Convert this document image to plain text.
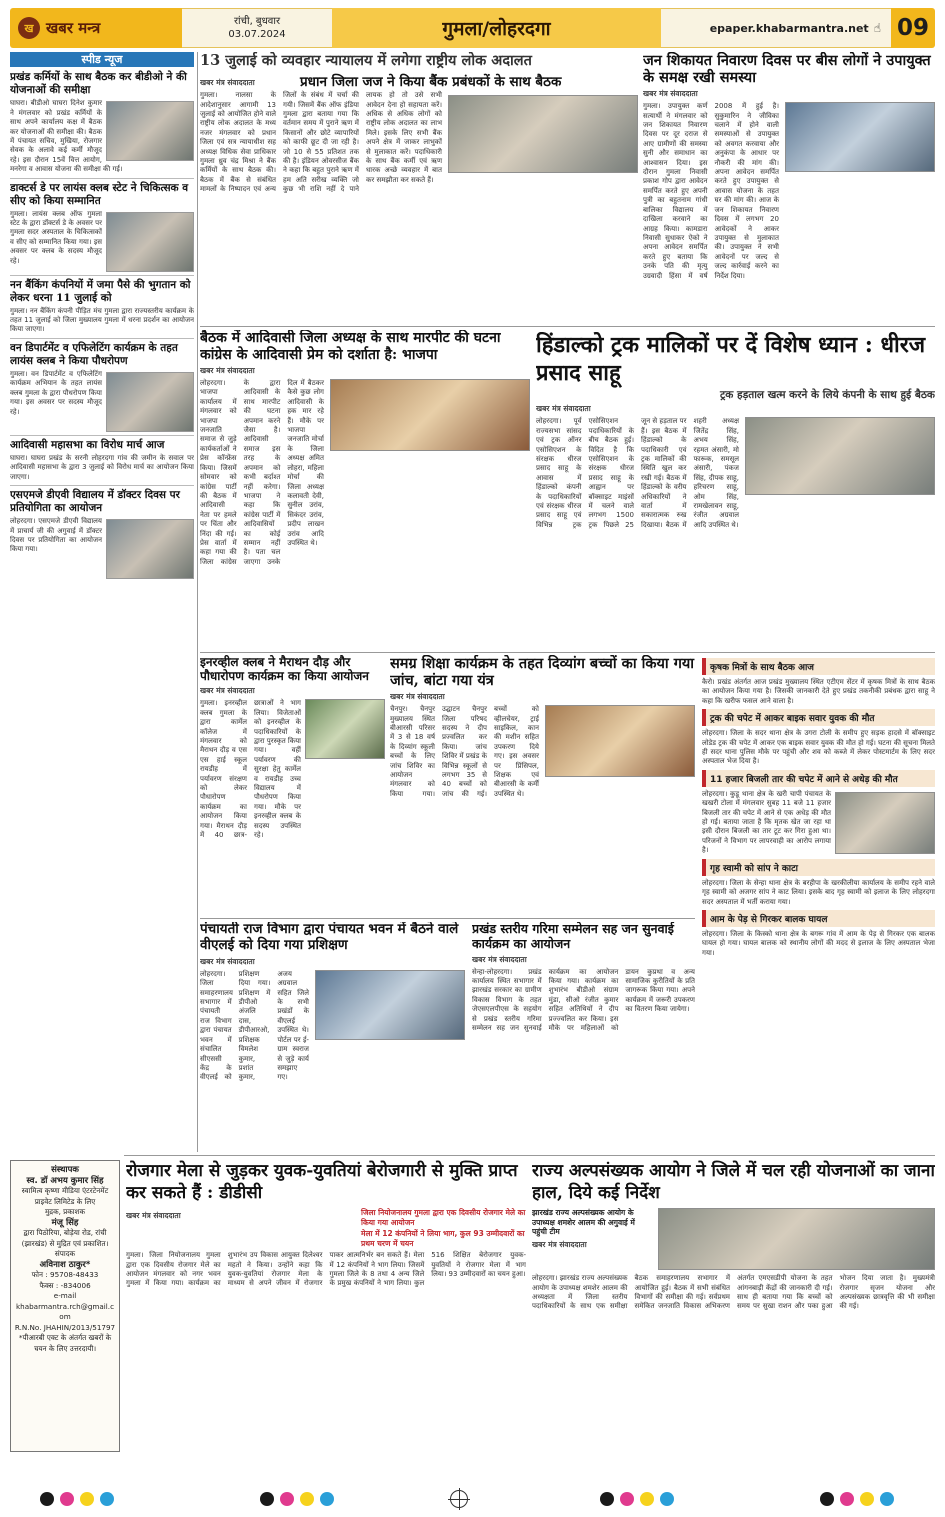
ख खबर मन्त्र	रांची, बुधवार
03.07.2024	गुमला/लोहरदगा	epaper.khabarmantra.net ☝ 09
स्पीड न्यूज
प्रखंड कर्मियों के साथ बैठक कर बीडीओ ने की योजनाओं की समीक्षा
घाघरा। बीडीओ घाघरा दिनेश कुमार ने मंगलवार को प्रखंड कर्मियों के साथ अपने कार्यालय कक्ष में बैठक कर योजनाओं की समीक्षा की। बैठक में पंचायत सचिव, मुखिया, रोजगार सेवक के अलावे कई कर्मी मौजूद रहे। इस दौरान 15वें वित्त आयोग, मनरेगा व आवास योजना की समीक्षा की गई।
डाक्टर्स डे पर लायंस क्लब स्टेट ने चिकित्सक व सीए को किया सम्मानित
गुमला। लायंस क्लब ऑफ गुमला स्टेट के द्वारा डॉक्टर्स डे के अवसर पर गुमला सदर अस्पताल के चिकित्सकों व सीए को सम्मानित किया गया। इस अवसर पर क्लब के सदस्य मौजूद रहे।
नन बैंकिंग कंपनियों में जमा पैसे की भुगतान को लेकर धरना 11 जुलाई को
गुमला। नन बैंकिंग कंपनी पीड़ित मंच गुमला द्वारा राज्यस्तरीय कार्यक्रम के तहत 11 जुलाई को जिला मुख्यालय गुमला में धरना प्रदर्शन का आयोजन किया जाएगा।
वन डिपार्टमेंट व एफिलेटिंग कार्यक्रम के तहत लायंस क्लब ने किया पौधरोपण
गुमला। वन डिपार्टमेंट व एफिलेटिंग कार्यक्रम अभियान के तहत लायंस क्लब गुमला के द्वारा पौधरोपण किया गया। इस अवसर पर सदस्य मौजूद रहे।
आदिवासी महासभा का विरोध मार्च आज
घाघरा। घाघरा प्रखंड के सरनी लोहरदगा गांव की जमीन के सवाल पर आदिवासी महासभा के द्वारा 3 जुलाई को विरोध मार्च का आयोजन किया जाएगा।
एसएमजे डीएवी विद्यालय में डॉक्टर दिवस पर प्रतियोगिता का आयोजन
लोहरदगा। एसएमजे डीएवी विद्यालय में प्राचार्य जी की अगुवाई में डॉक्टर दिवस पर प्रतियोगिता का आयोजन किया गया।
संस्थापक
स्व. डॉ अभय कुमार सिंह
स्वामित्व कृष्णा मीडिया एंटरटेनमेंट प्राइवेट लिमिटेड के लिए
मुद्रक, प्रकाशक
मंजू सिंह
द्वारा पिठोरिया, बोड़ेया रोड, रांची (झारखंड) से मुद्रित एवं प्रकाशित।
संपादक
अविनाश ठाकुर*
फोन : 95708-48433
फैक्स : -834006
e-mail
khabarmantra.rch@gmail.com
R.N.No. JHAHIN/2013/51797
*पीआरबी एक्ट के अंतर्गत खबरों के चयन के लिए उत्तरदायी।
13 जुलाई को व्यवहार न्यायालय में लगेगा राष्ट्रीय लोक अदालत
खबर मंत्र संवाददाता	प्रधान जिला जज ने किया बैंक प्रबंधकों के साथ बैठक
गुमला। नालसा के आदेशानुसार आगामी 13 जुलाई को आयोजित होने वाले राष्ट्रीय लोक अदालत के मध्य नजर मंगलवार को प्रधान जिला एवं सत्र न्यायाधीश सह अध्यक्ष विधिक सेवा प्राधिकार गुमला ध्रुव चंद्र मिश्रा ने बैंक कर्मियों के साथ बैठक की। बैठक में बैंक से संबंधित मामलों के निष्पादन एवं अन्य जिलों के संबंध में चर्चा की गयी। जिसमें बैंक ऑफ इंडिया गुमला द्वारा बताया गया कि वर्तमान समय में पुराने ऋण में किसानों और छोटे व्यापारियों को काफी छूट दी जा रही है। जो 10 से 55 प्रतिशत तक की है। इंडियन ओवरसीज बैंक ने कहा कि बहुत पुराने ऋण में हम अति सरीख व्यक्ति जो कुछ भी राशि नहीं दे पाने लायक हो तो उसे सभी आवेदन देना हो सहायता करें। अधिक से अधिक लोगों को राष्ट्रीय लोक अदालत का लाभ मिले। इसके लिए सभी बैंक अपने क्षेत्र में जाकर लाभुकों से मुलाकात करें। पदाधिकारी के साथ बैंक कर्मी एवं ऋण धारक अच्छे व्यवहार में बात कर समझौता कर सकते हैं।
जन शिकायत निवारण दिवस पर बीस लोगों ने उपायुक्त के समक्ष रखी समस्या
खबर मंत्र संवाददाता
गुमला। उपायुक्त कर्ण सत्यार्थी ने मंगलवार को जन शिकायत निवारण दिवस पर दूर दराज से आए ग्रामीणों की समस्या सुनी और समाधान का आश्वासन दिया। इस दौरान गुमला निवासी प्रकाश गोप द्वारा आवेदन समर्पित करते हुए अपनी पुत्री का बहुतनाम गांधी बालिका विद्यालय में दाखिला करवाने का आग्रह किया। कामडारा निवासी सुधाकर ऐको ने अपना आवेदन समर्पित करते हुए बताया कि उनके पति की मृत्यु उग्रवादी हिंसा में वर्ष 2008 में हुई है। सुकुमारिन ने जीविका चलाने में होने वाली समस्याओं से उपायुक्त को अवगत करवाया और अनुकंपा के आधार पर नौकरी की मांग की। अपना आवेदन समर्पित करते हुए उपायुक्त से आवास योजना के तहत घर की मांग की। आज के जन शिकायत निवारण दिवस में लगभग 20 आवेदकों ने आकर उपायुक्त से मुलाकात की। उपायुक्त ने सभी आवेदनों पर जल्द से जल्द कार्रवाई करने का निर्देश दिया।
बैठक में आदिवासी जिला अध्यक्ष के साथ मारपीट की घटना कांग्रेस के आदिवासी प्रेम को दर्शाता है: भाजपा
खबर मंत्र संवाददाता
लोहरदगा। भाजपा कार्यालय में मंगलवार को भाजपा जनजाति समाज से जुड़े कार्यकर्ताओं ने प्रेस कॉन्फ्रेंस किया। जिसमें सोमवार को कांग्रेस पार्टी की बैठक में आदिवासी नेता पर हमले पर चिंता और निंदा की गई। प्रेस वार्ता में कहा गया की जिला कांग्रेस के द्वारा आदिवासी के साथ मारपीट की घटना अपमान करने जैसा है। आदिवासी समाज इस तरह के अपमान को कभी बर्दाश्त नहीं करेगा। भाजपा ने कहा कि कांग्रेस पार्टी में आदिवासियों का कोई सम्मान नहीं है। पता चल जाएगा उनके दिल में बैठकर कैसे कुछ लोग आदिवासी के हक मार रहे हैं। मौके पर भाजपा जनजाति मोर्चा के जिला अध्यक्ष अमित लोहरा, महिला मोर्चा की जिला अध्यक्ष कलावती देवी, सुनील उरांव, सिकंदर उरांव, प्रदीप लाखन उरांव आदि उपस्थित थे।
हिंडाल्को ट्रक मालिकों पर दें विशेष ध्यान : धीरज प्रसाद साहू
ट्रक हड़ताल खत्म करने के लिये कंपनी के साथ हुई बैठक
खबर मंत्र संवाददाता
लोहरदगा। पूर्व राज्यसभा सांसद एवं ट्रक ऑनर एसोसिएशन के संरक्षक धीरज प्रसाद साहू के आवास में हिंडाल्को कंपनी के पदाधिकारियों एवं संरक्षक धीरज प्रसाद साहू एवं विभिन्न ट्रक एसोसिएशन पदाधिकारियों के बीच बैठक हुई। विदित है कि एसोसिएशन के संरक्षक धीरज प्रसाद साहू के आह्वान पर बॉक्साइट माइंसों में चलने वाले लगभग 1500 ट्रक पिछले 25 जून से हड़ताल पर हैं। इस बैठक में हिंडाल्को के पदाधिकारी एवं ट्रक मालिकों की स्थिति खुल कर रखी गई। बैठक में हिंडाल्को के वरीय अधिकारियों ने वार्ता में सकारात्मक रुख दिखाया। बैठक में शहरी अध्यक्ष जितेंद्र सिंह, अभय सिंह, रहमत अंसारी, मो फारूक, समसूल अंसारी, पंकज सिंह, दीपक साहू, हरिचरण साहू, ओम सिंह, रामखेलावन साहू, रंजीत अग्रवाल आदि उपस्थित थे।
इनरव्हील क्लब ने मैराथन दौड़ और पौधारोपण कार्यक्रम का किया आयोजन
खबर मंत्र संवाददाता
गुमला। इनरव्हील क्लब गुमला के द्वारा कार्मेल कॉलेज में मंगलवार को मैराथन दौड़ व एस एस हाई स्कूल रायडीह में पर्यावरण संरक्षण को लेकर पौधारोपण कार्यक्रम का आयोजन किया गया। मैराथन दौड़ में 40 छात्र-छात्राओं ने भाग लिया। विजेताओं को इनरव्हील के पदाधिकारियों के द्वारा पुरस्कृत किया गया। वहीं पर्यावरण की सुरक्षा हेतु कार्मेल व रायडीह उच्च विद्यालय में पौधरोपण किया गया। मौके पर इनरव्हील क्लब के सदस्य उपस्थित रहे।
समग्र शिक्षा कार्यक्रम के तहत दिव्यांग बच्चों का किया गया जांच, बांटा गया यंत्र
खबर मंत्र संवाददाता
चैनपुर। चैनपुर मुख्यालय स्थित बीआरसी परिसर में 3 से 18 वर्ष के दिव्यांग स्कूली बच्चों के लिए जांच शिविर का आयोजन मंगलवार को किया गया। उद्घाटन चैनपुर जिला परिषद सदस्य ने दीप प्रज्वलित कर किया। जांच शिविर में प्रखंड के विभिन्न स्कूलों से लगभग 35 से 40 बच्चों को जांच की गई। बच्चों को व्हीलचेयर, ट्राई साइकिल, कान की मशीन सहित उपकरण दिये गए। इस अवसर पर प्रिंसिपल, शिक्षक एवं बीआरसी के कर्मी उपस्थित थे।
कृषक मित्रों के साथ बैठक आज
कैरो। प्रखंड अंतर्गत आज प्रखंड मुख्यालय स्थित एटीएम सेंटर में कृषक मित्रों के साथ बैठक का आयोजन किया गया है। जिसकी जानकारी देते हुए प्रखंड तकनीकी प्रबंधक द्वारा साहू ने कहा कि खरीफ फसल आने वाला है।
ट्रक की चपेट में आकर बाइक सवार युवक की मौत
लोहरदगा। जिला के सदर थाना क्षेत्र के उगरा टोली के समीप हुए सड़क हादसे में बॉक्साइट लोडेड ट्रक की चपेट में आकर एक बाइक सवार युवक की मौत हो गई। घटना की सूचना मिलते ही सदर थाना पुलिस मौके पर पहुंची और शव को कब्जे में लेकर पोस्टमार्टम के लिए सदर अस्पताल भेज दिया है।
11 हजार बिजली तार की चपेट में आने से अधेड़ की मौत
लोहरदगा। कुडू थाना क्षेत्र के खरी चापी पंचायत के खखरी टोला में मंगलवार सुबह 11 बजे 11 हजार बिजली तार की चपेट में आने से एक अधेड़ की मौत हो गई। बताया जाता है कि मृतक खेत जा रहा था इसी दौरान बिजली का तार टूट कर गिरा हुआ था। परिजनों ने विभाग पर लापरवाही का आरोप लगाया है।
गृह स्वामी को सांप ने काटा
लोहरदगा। जिला के सेन्हा थाना क्षेत्र के बरहीपा के खरकीलीया कार्यालय के समीप रहने वाले गृह स्वामी को अजगर सांप ने काट लिया। इसके बाद गृह स्वामी को इलाज के लिए लोहरदगा सदर अस्पताल में भर्ती कराया गया।
आम के पेड़ से गिरकर बालक घायल
लोहरदगा। जिला के किस्को थाना क्षेत्र के बगरू गांव में आम के पेड़ से गिरकर एक बालक घायल हो गया। घायल बालक को स्थानीय लोगों की मदद से इलाज के लिए अस्पताल भेजा गया।
पंचायती राज विभाग द्वारा पंचायत भवन में बैठने वाले वीएलई को दिया गया प्रशिक्षण
खबर मंत्र संवाददाता
लोहरदगा। जिला समाहरणालय सभागार में पंचायती राज विभाग द्वारा पंचायत भवन में संचालित सीएससी केंद्र के वीएलई को प्रशिक्षण दिया गया। प्रशिक्षण में डीपीओ अंजलि दास, डीपीआरओ, प्रशिक्षक विमलेश कुमार, प्रशांत कुमार, अजय अग्रवाल सहित जिले के सभी प्रखंडों के वीएलई उपस्थित थे। पोर्टल पर ई-ग्राम स्वराज से जुड़े कार्य समझाए गए।
प्रखंड स्तरीय गरिमा सम्मेलन सह जन सुनवाई कार्यक्रम का आयोजन
खबर मंत्र संवाददाता
सेन्हा-लोहरदगा। प्रखंड कार्यालय स्थित सभागार में झारखंड सरकार का ग्रामीण विकास विभाग के तहत जेएसएलपीएस के सहयोग से प्रखंड स्तरीय गरिमा सम्मेलन सह जन सुनवाई कार्यक्रम का आयोजन किया गया। कार्यक्रम का शुभारंभ बीडीओ संग्राम मुंडा, सीओ रंजीत कुमार सहित अतिथियों ने दीप प्रज्ज्वलित कर किया। इस मौके पर महिलाओं को डायन कुप्रथा व अन्य सामाजिक कुरीतियों के प्रति जागरूक किया गया। अपने कार्यक्रम में जरूरी उपकरण का वितरण किया जायेगा।
रोजगार मेला से जुड़कर युवक-युवतियां बेरोजगारी से मुक्ति प्राप्त कर सकते हैं : डीडीसी
खबर मंत्र संवाददाता	जिला नियोजनालय गुमला द्वारा एक दिवसीय रोजगार मेले का किया गया आयोजन
मेला में 12 कंपनियों ने लिया भाग, कुल 93 उम्मीदवारों का प्रथम चरण में चयन
गुमला। जिला नियोजनालय गुमला द्वारा एक दिवसीय रोजगार मेले का आयोजन मंगलवार को नगर भवन गुमला में किया गया। कार्यक्रम का शुभारंभ उप विकास आयुक्त दिलेश्वर महतो ने किया। उन्होंने कहा कि युवक-युवतियां रोजगार मेला के माध्यम से अपने जीवन में रोजगार पाकर आत्मनिर्भर बन सकते हैं। मेला में 12 कंपनियों ने भाग लिया। जिसमें गुमला जिले के 8 तथा 4 अन्य जिले के प्रमुख कंपनियों ने भाग लिया। कुल 516 शिक्षित बेरोजगार युवक-युवतियों ने रोजगार मेला में भाग लिया। 93 उम्मीदवारों का चयन हुआ।
राज्य अल्पसंख्यक आयोग ने जिले में चल रही योजनाओं का जाना हाल, दिये कई निर्देश
झारखंड राज्य अल्पसंख्यक आयोग के उपाध्यक्ष शमशेर आलम की अगुवाई में पहुंची टीम
खबर मंत्र संवाददाता
लोहरदगा। झारखंड राज्य अल्पसंख्यक आयोग के उपाध्यक्ष शमशेर आलम की अध्यक्षता में जिला स्तरीय पदाधिकारियों के साथ एक समीक्षा बैठक समाहरणालय सभागार में आयोजित हुई। बैठक में सभी संबंधित विभागों की समीक्षा की गई। सर्वप्रथम समेकित जनजाति विकास अभिकरण अंतर्गत एमएसडीपी योजना के तहत आंगनबाड़ी केंद्रों की जानकारी दी गई। साथ ही बताया गया कि बच्चों को समय पर सुखा राशन और पका हुआ भोजन दिया जाता है। मुख्यमंत्री रोजगार सृजन योजना और अल्पसंख्यक छात्रवृत्ति की भी समीक्षा की गई।
